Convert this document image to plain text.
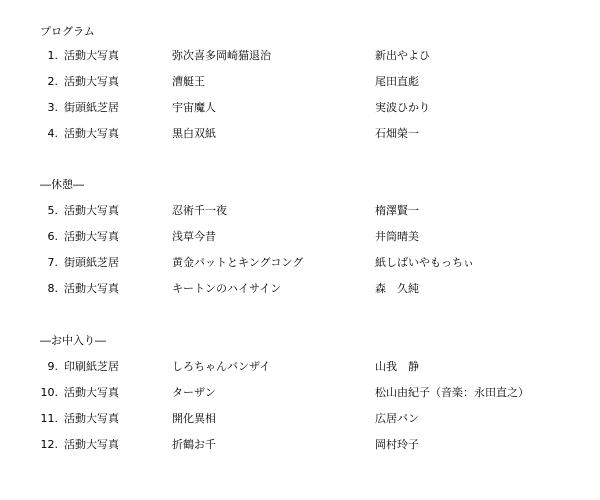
プログラム
1. 活動大写真	弥次喜多岡崎猫退治	新出やよひ
2. 活動大写真	漕艇王	尾田直彪
3. 街頭紙芝居	宇宙魔人	実波ひかり
4. 活動大写真	黒白双紙	石畑榮一
―休憩―
5. 活動大写真	忍術千一夜	楕澤賢一
6. 活動大写真	浅草今昔	井筒晴美
7. 街頭紙芝居	黄金バットとキングコング	紙しばいやもっちぃ
8. 活動大写真	キートンのハイサイン	森　久純
―お中入り―
9. 印刷紙芝居	しろちゃんバンザイ	山我　静
10. 活動大写真	ターザン	松山由紀子（音楽：永田直之）
11. 活動大写真	開化異相	広居バン
12. 活動大写真	折鶴お千	岡村玲子
